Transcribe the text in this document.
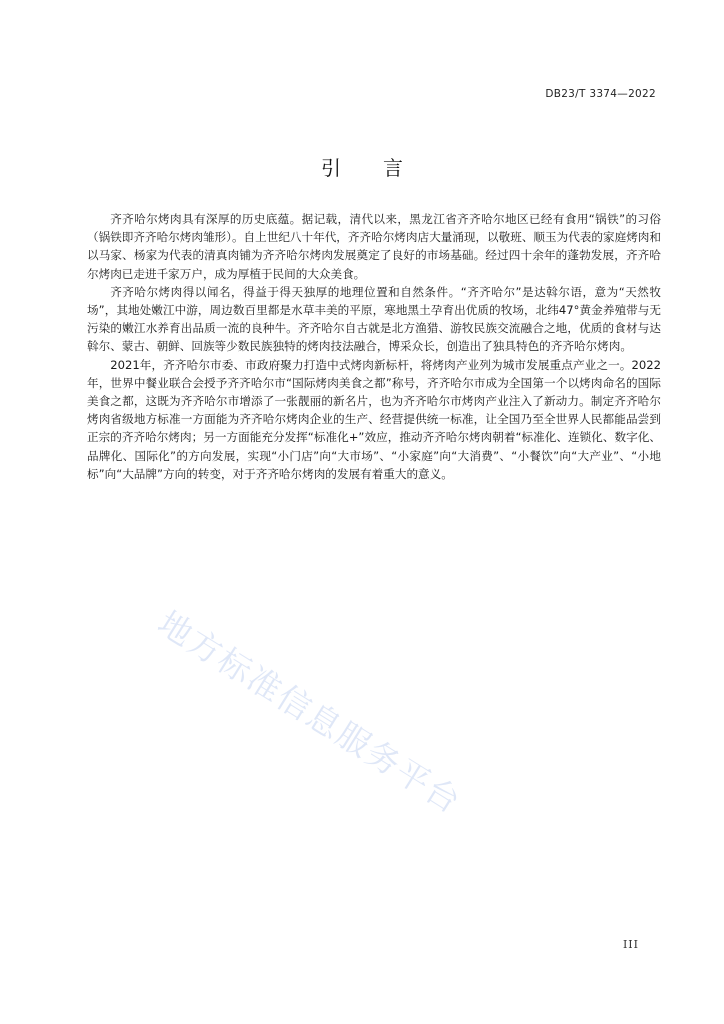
DB23/T 3374—2022
引言

齐齐哈尔烤肉具有深厚的历史底蕴。据记载，清代以来，黑龙江省齐齐哈尔地区已经有食用“锅铁”的习俗（锅铁即齐齐哈尔烤肉雏形）。自上世纪八十年代，齐齐哈尔烤肉店大量涌现，以敬班、顺玉为代表的家庭烤肉和以马家、杨家为代表的清真肉铺为齐齐哈尔烤肉发展奠定了良好的市场基础。经过四十余年的蓬勃发展，齐齐哈尔烤肉已走进千家万户，成为厚植于民间的大众美食。

齐齐哈尔烤肉得以闻名，得益于得天独厚的地理位置和自然条件。“齐齐哈尔”是达斡尔语，意为“天然牧场”，其地处嫩江中游，周边数百里都是水草丰美的平原，寒地黑土孕育出优质的牧场，北纬47°黄金养殖带与无污染的嫩江水养育出品质一流的良种牛。齐齐哈尔自古就是北方渔猎、游牧民族交流融合之地，优质的食材与达斡尔、蒙古、朝鲜、回族等少数民族独特的烤肉技法融合，博采众长，创造出了独具特色的齐齐哈尔烤肉。

2021年，齐齐哈尔市委、市政府聚力打造中式烤肉新标杆，将烤肉产业列为城市发展重点产业之一。2022年，世界中餐业联合会授予齐齐哈尔市“国际烤肉美食之都”称号，齐齐哈尔市成为全国第一个以烤肉命名的国际美食之都，这既为齐齐哈尔市增添了一张靓丽的新名片，也为齐齐哈尔市烤肉产业注入了新动力。制定齐齐哈尔烤肉省级地方标准一方面能为齐齐哈尔烤肉企业的生产、经营提供统一标准，让全国乃至全世界人民都能品尝到正宗的齐齐哈尔烤肉；另一方面能充分发挥“标准化+”效应，推动齐齐哈尔烤肉朝着“标准化、连锁化、数字化、品牌化、国际化”的方向发展，实现“小门店”向“大市场”、“小家庭”向“大消费”、“小餐饮”向“大产业”、“小地标”向“大品牌”方向的转变，对于齐齐哈尔烤肉的发展有着重大的意义。

地方标准信息服务平台
III
